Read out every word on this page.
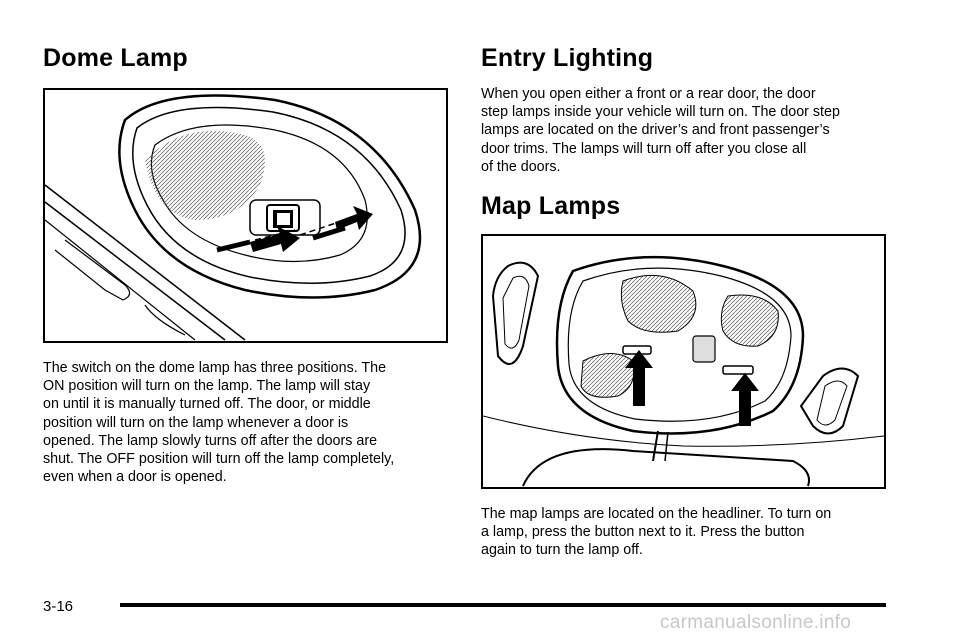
Dome Lamp

The switch on the dome lamp has three positions. The
ON position will turn on the lamp. The lamp will stay
on until it is manually turned off. The door, or middle
position will turn on the lamp whenever a door is
opened. The lamp slowly turns off after the doors are
shut. The OFF position will turn off the lamp completely,
even when a door is opened.

Entry Lighting

When you open either a front or a rear door, the door
step lamps inside your vehicle will turn on. The door step
lamps are located on the driver’s and front passenger’s
door trims. The lamps will turn off after you close all
of the doors.

Map Lamps

The map lamps are located on the headliner. To turn on
a lamp, press the button next to it. Press the button
again to turn the lamp off.

3-16
carmanualsonline.info
